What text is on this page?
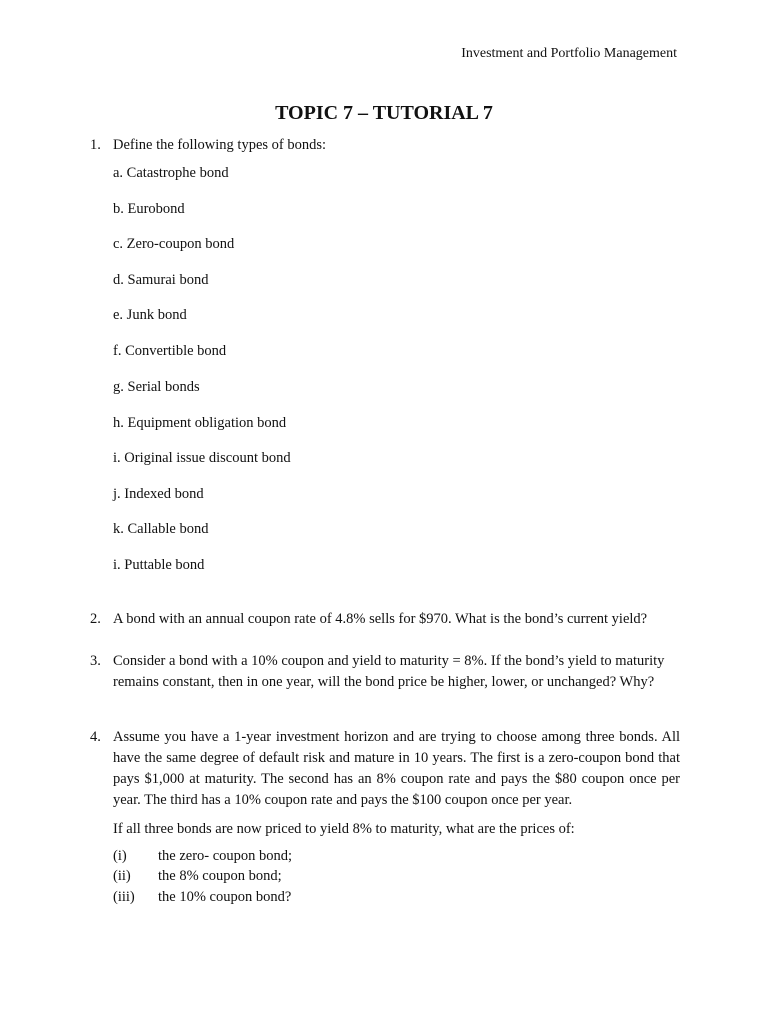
Investment and Portfolio Management
TOPIC 7 – TUTORIAL 7
1. Define the following types of bonds:
a. Catastrophe bond
b. Eurobond
c. Zero-coupon bond
d. Samurai bond
e. Junk bond
f. Convertible bond
g. Serial bonds
h. Equipment obligation bond
i. Original issue discount bond
j. Indexed bond
k. Callable bond
i. Puttable bond
2. A bond with an annual coupon rate of 4.8% sells for $970. What is the bond’s current yield?
3. Consider a bond with a 10% coupon and yield to maturity = 8%. If the bond’s yield to maturity remains constant, then in one year, will the bond price be higher, lower, or unchanged? Why?
4. Assume you have a 1-year investment horizon and are trying to choose among three bonds. All have the same degree of default risk and mature in 10 years. The first is a zero-coupon bond that pays $1,000 at maturity. The second has an 8% coupon rate and pays the $80 coupon once per year. The third has a 10% coupon rate and pays the $100 coupon once per year.
If all three bonds are now priced to yield 8% to maturity, what are the prices of:
(i) the zero- coupon bond;
(ii) the 8% coupon bond;
(iii) the 10% coupon bond?
